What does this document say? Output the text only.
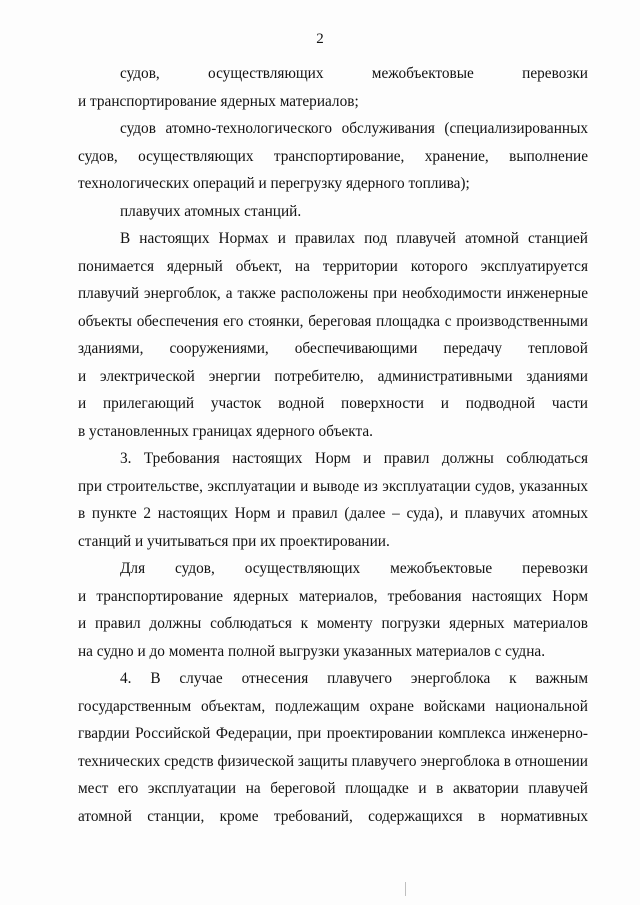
2
судов, осуществляющих межобъектовые перевозки
и транспортирование ядерных материалов;
судов атомно-технологического обслуживания (специализированных
судов, осуществляющих транспортирование, хранение, выполнение
технологических операций и перегрузку ядерного топлива);
плавучих атомных станций.
В настоящих Нормах и правилах под плавучей атомной станцией
понимается ядерный объект, на территории которого эксплуатируется
плавучий энергоблок, а также расположены при необходимости инженерные
объекты обеспечения его стоянки, береговая площадка с производственными
зданиями, сооружениями, обеспечивающими передачу тепловой
и электрической энергии потребителю, административными зданиями
и прилегающий участок водной поверхности и подводной части
в установленных границах ядерного объекта.
3. Требования настоящих Норм и правил должны соблюдаться
при строительстве, эксплуатации и выводе из эксплуатации судов, указанных
в пункте 2 настоящих Норм и правил (далее – суда), и плавучих атомных
станций и учитываться при их проектировании.
Для судов, осуществляющих межобъектовые перевозки
и транспортирование ядерных материалов, требования настоящих Норм
и правил должны соблюдаться к моменту погрузки ядерных материалов
на судно и до момента полной выгрузки указанных материалов с судна.
4. В случае отнесения плавучего энергоблока к важным
государственным объектам, подлежащим охране войсками национальной
гвардии Российской Федерации, при проектировании комплекса инженерно-
технических средств физической защиты плавучего энергоблока в отношении
мест его эксплуатации на береговой площадке и в акватории плавучей
атомной станции, кроме требований, содержащихся в нормативных
